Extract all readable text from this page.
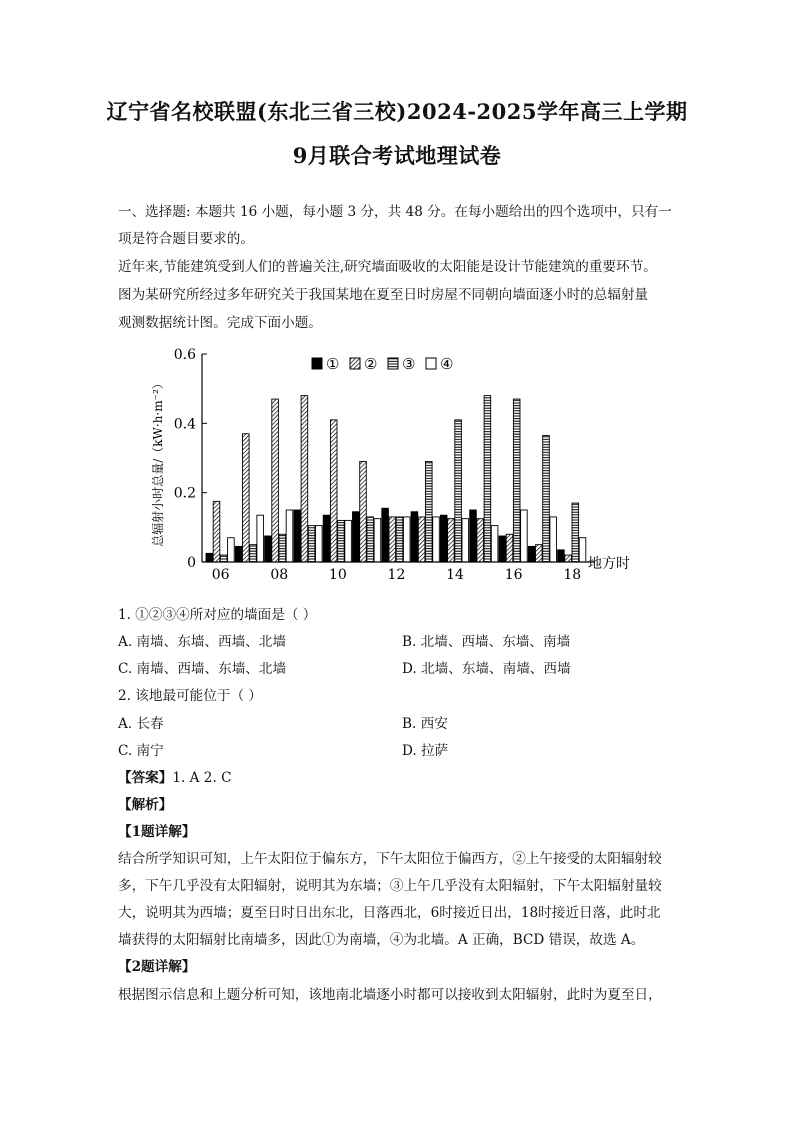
辽宁省名校联盟(东北三省三校)2024-2025学年高三上学期
9月联合考试地理试卷
一、选择题: 本题共 16 小题，每小题 3 分，共 48 分。在每小题给出的四个选项中，只有一
项是符合题目要求的。
近年来,节能建筑受到人们的普遍关注,研究墙面吸收的太阳能是设计节能建筑的重要环节。
图为某研究所经过多年研究关于我国某地在夏至日时房屋不同朝向墙面逐小时的总辐射量
观测数据统计图。完成下面小题。
总辐射小时总量/（kW·h·m⁻²）
0
0.2
0.4
0.6
06	08	10	12	14	16	18
地方时
① ② ③ ④
1. ①②③④所对应的墙面是（ ）
A. 南墙、东墙、西墙、北墙	B. 北墙、西墙、东墙、南墙
C. 南墙、西墙、东墙、北墙	D. 北墙、东墙、南墙、西墙
2. 该地最可能位于（ ）
A. 长春	B. 西安
C. 南宁	D. 拉萨
【答案】1. A 2. C
【解析】
【1题详解】
结合所学知识可知，上午太阳位于偏东方，下午太阳位于偏西方，②上午接受的太阳辐射较
多，下午几乎没有太阳辐射，说明其为东墙；③上午几乎没有太阳辐射，下午太阳辐射量较
大，说明其为西墙；夏至日时日出东北，日落西北，6时接近日出，18时接近日落，此时北
墙获得的太阳辐射比南墙多，因此①为南墙，④为北墙。A 正确，BCD 错误，故选 A。
【2题详解】
根据图示信息和上题分析可知，该地南北墙逐小时都可以接收到太阳辐射，此时为夏至日，
